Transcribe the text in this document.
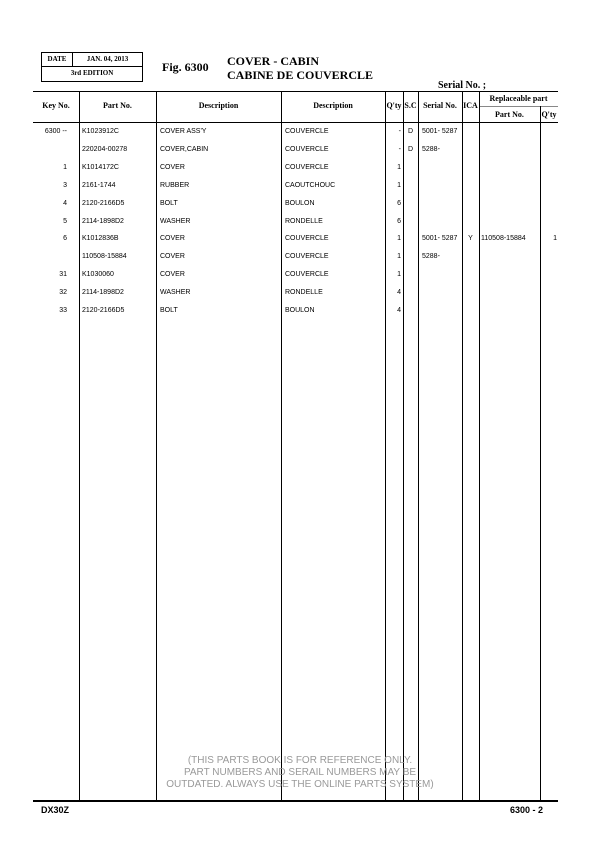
DATE	JAN. 04, 2013
3rd EDITION	Fig. 6300 COVER - CABIN
CABINE DE COUVERCLE
Serial No. ;
Key No.	Part No.	Description	Description	Q'ty S.C Serial No. ICA
Replaceable part
Part No.	Q'ty
6300 -- K1023912C	COVER ASS'Y	COUVERCLE	- D	5001- 5287
220204-00278	COVER,CABIN	COUVERCLE	- D	5288-
1 K1014172C	COVER	COUVERCLE	1
3 2161-1744	RUBBER	CAOUTCHOUC	1
4 2120-2166D5	BOLT	BOULON	6
5 2114-1898D2	WASHER	RONDELLE	6
6 K1012836B	COVER	COUVERCLE	1	5001- 5287	Y	110508-15884	1
110508-15884	COVER	COUVERCLE	1	5288-
31 K1030060	COVER	COUVERCLE	1
32 2114-1898D2	WASHER	RONDELLE	4
33 2120-2166D5	BOLT	BOULON	4
(THIS PARTS BOOK IS FOR REFERENCE ONLY.
PART NUMBERS AND SERAIL NUMBERS MAY BE
OUTDATED. ALWAYS USE THE ONLINE PARTS SYSTEM)
DX30Z	6300 - 2
